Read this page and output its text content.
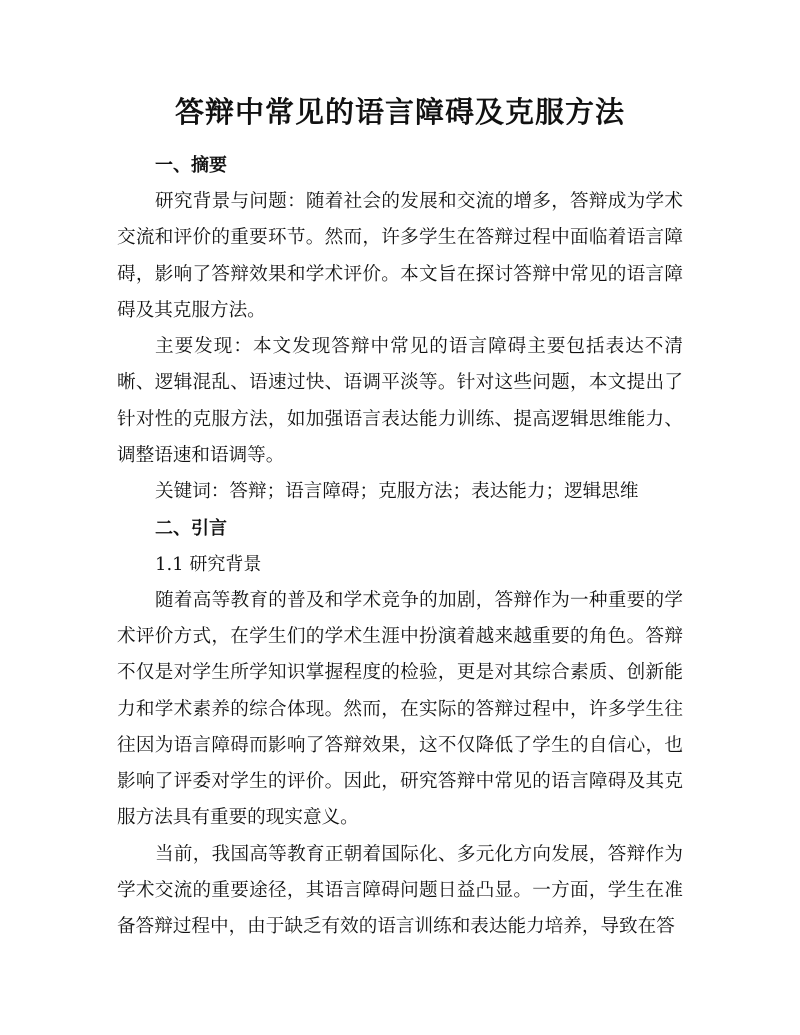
答辩中常见的语言障碍及克服方法

一、摘要

研究背景与问题：随着社会的发展和交流的增多，答辩成为学术交流和评价的重要环节。然而，许多学生在答辩过程中面临着语言障碍，影响了答辩效果和学术评价。本文旨在探讨答辩中常见的语言障碍及其克服方法。

主要发现：本文发现答辩中常见的语言障碍主要包括表达不清晰、逻辑混乱、语速过快、语调平淡等。针对这些问题，本文提出了针对性的克服方法，如加强语言表达能力训练、提高逻辑思维能力、调整语速和语调等。

关键词：答辩；语言障碍；克服方法；表达能力；逻辑思维

二、引言

1.1 研究背景

随着高等教育的普及和学术竞争的加剧，答辩作为一种重要的学术评价方式，在学生们的学术生涯中扮演着越来越重要的角色。答辩不仅是对学生所学知识掌握程度的检验，更是对其综合素质、创新能力和学术素养的综合体现。然而，在实际的答辩过程中，许多学生往往因为语言障碍而影响了答辩效果，这不仅降低了学生的自信心，也影响了评委对学生的评价。因此，研究答辩中常见的语言障碍及其克服方法具有重要的现实意义。

当前，我国高等教育正朝着国际化、多元化方向发展，答辩作为学术交流的重要途径，其语言障碍问题日益凸显。一方面，学生在准备答辩过程中，由于缺乏有效的语言训练和表达能力培养，导致在答
